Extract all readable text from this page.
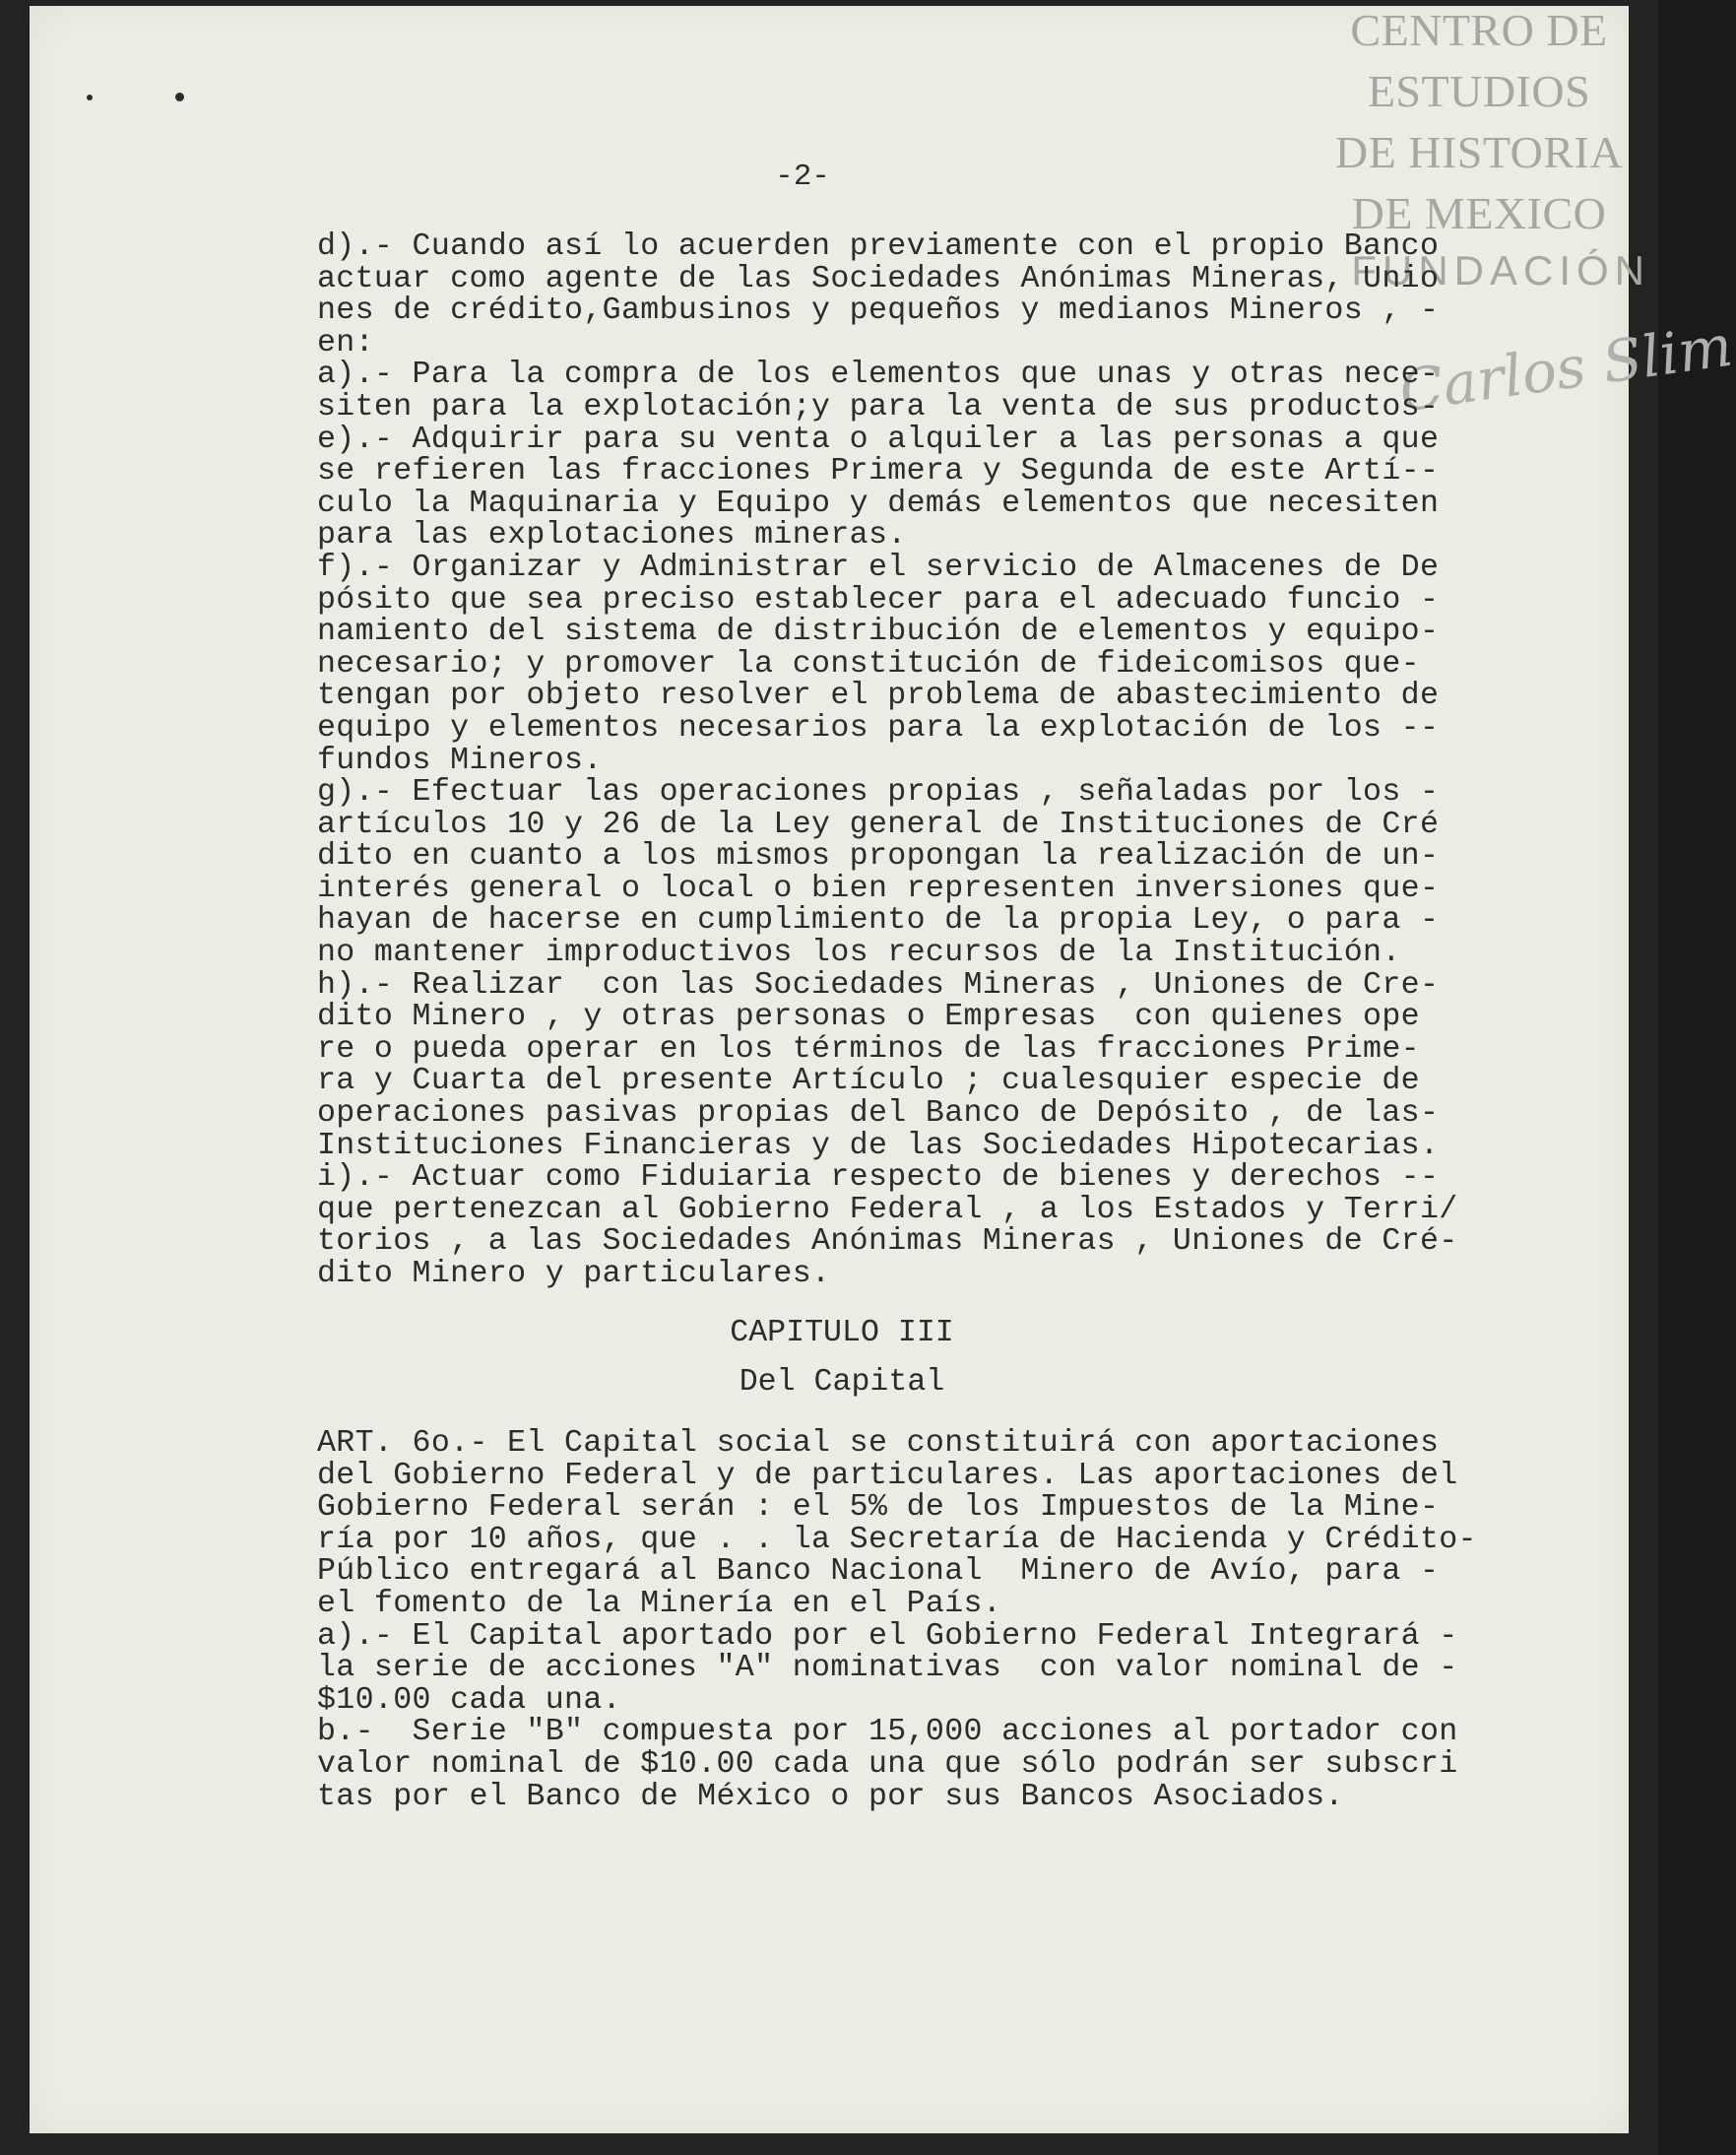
CENTRO DE
ESTUDIOS
DE HISTORIA
DE MEXICO
FUNDACIÓN
Carlos Slim
-2-
d).- Cuando así lo acuerden previamente con el propio Banco
actuar como agente de las Sociedades Anónimas Mineras, Unio
nes de crédito,Gambusinos y pequeños y medianos Mineros , -
en:
a).- Para la compra de los elementos que unas y otras nece-
siten para la explotación;y para la venta de sus productos-
e).- Adquirir para su venta o alquiler a las personas a que
se refieren las fracciones Primera y Segunda de este Artí--
culo la Maquinaria y Equipo y demás elementos que necesiten
para las explotaciones mineras.
f).- Organizar y Administrar el servicio de Almacenes de De
pósito que sea preciso establecer para el adecuado funcio -
namiento del sistema de distribución de elementos y equipo-
necesario; y promover la constitución de fideicomisos que-
tengan por objeto resolver el problema de abastecimiento de
equipo y elementos necesarios para la explotación de los --
fundos Mineros.
g).- Efectuar las operaciones propias , señaladas por los -
artículos 10 y 26 de la Ley general de Instituciones de Cré
dito en cuanto a los mismos propongan la realización de un-
interés general o local o bien representen inversiones que-
hayan de hacerse en cumplimiento de la propia Ley, o para -
no mantener improductivos los recursos de la Institución.
h).- Realizar  con las Sociedades Mineras , Uniones de Cre-
dito Minero , y otras personas o Empresas  con quienes ope
re o pueda operar en los términos de las fracciones Prime-
ra y Cuarta del presente Artículo ; cualesquier especie de
operaciones pasivas propias del Banco de Depósito , de las-
Instituciones Financieras y de las Sociedades Hipotecarias.
i).- Actuar como Fiduiaria respecto de bienes y derechos --
que pertenezcan al Gobierno Federal , a los Estados y Terri/
torios , a las Sociedades Anónimas Mineras , Uniones de Cré-
dito Minero y particulares.
CAPITULO III
Del Capital
ART. 6o.- El Capital social se constituirá con aportaciones
del Gobierno Federal y de particulares. Las aportaciones del
Gobierno Federal serán : el 5% de los Impuestos de la Mine-
ría por 10 años, que . . la Secretaría de Hacienda y Crédito-
Público entregará al Banco Nacional  Minero de Avío, para -
el fomento de la Minería en el País.
a).- El Capital aportado por el Gobierno Federal Integrará -
la serie de acciones "A" nominativas  con valor nominal de -
$10.00 cada una.
b.-  Serie "B" compuesta por 15,000 acciones al portador con
valor nominal de $10.00 cada una que sólo podrán ser subscri
tas por el Banco de México o por sus Bancos Asociados.
